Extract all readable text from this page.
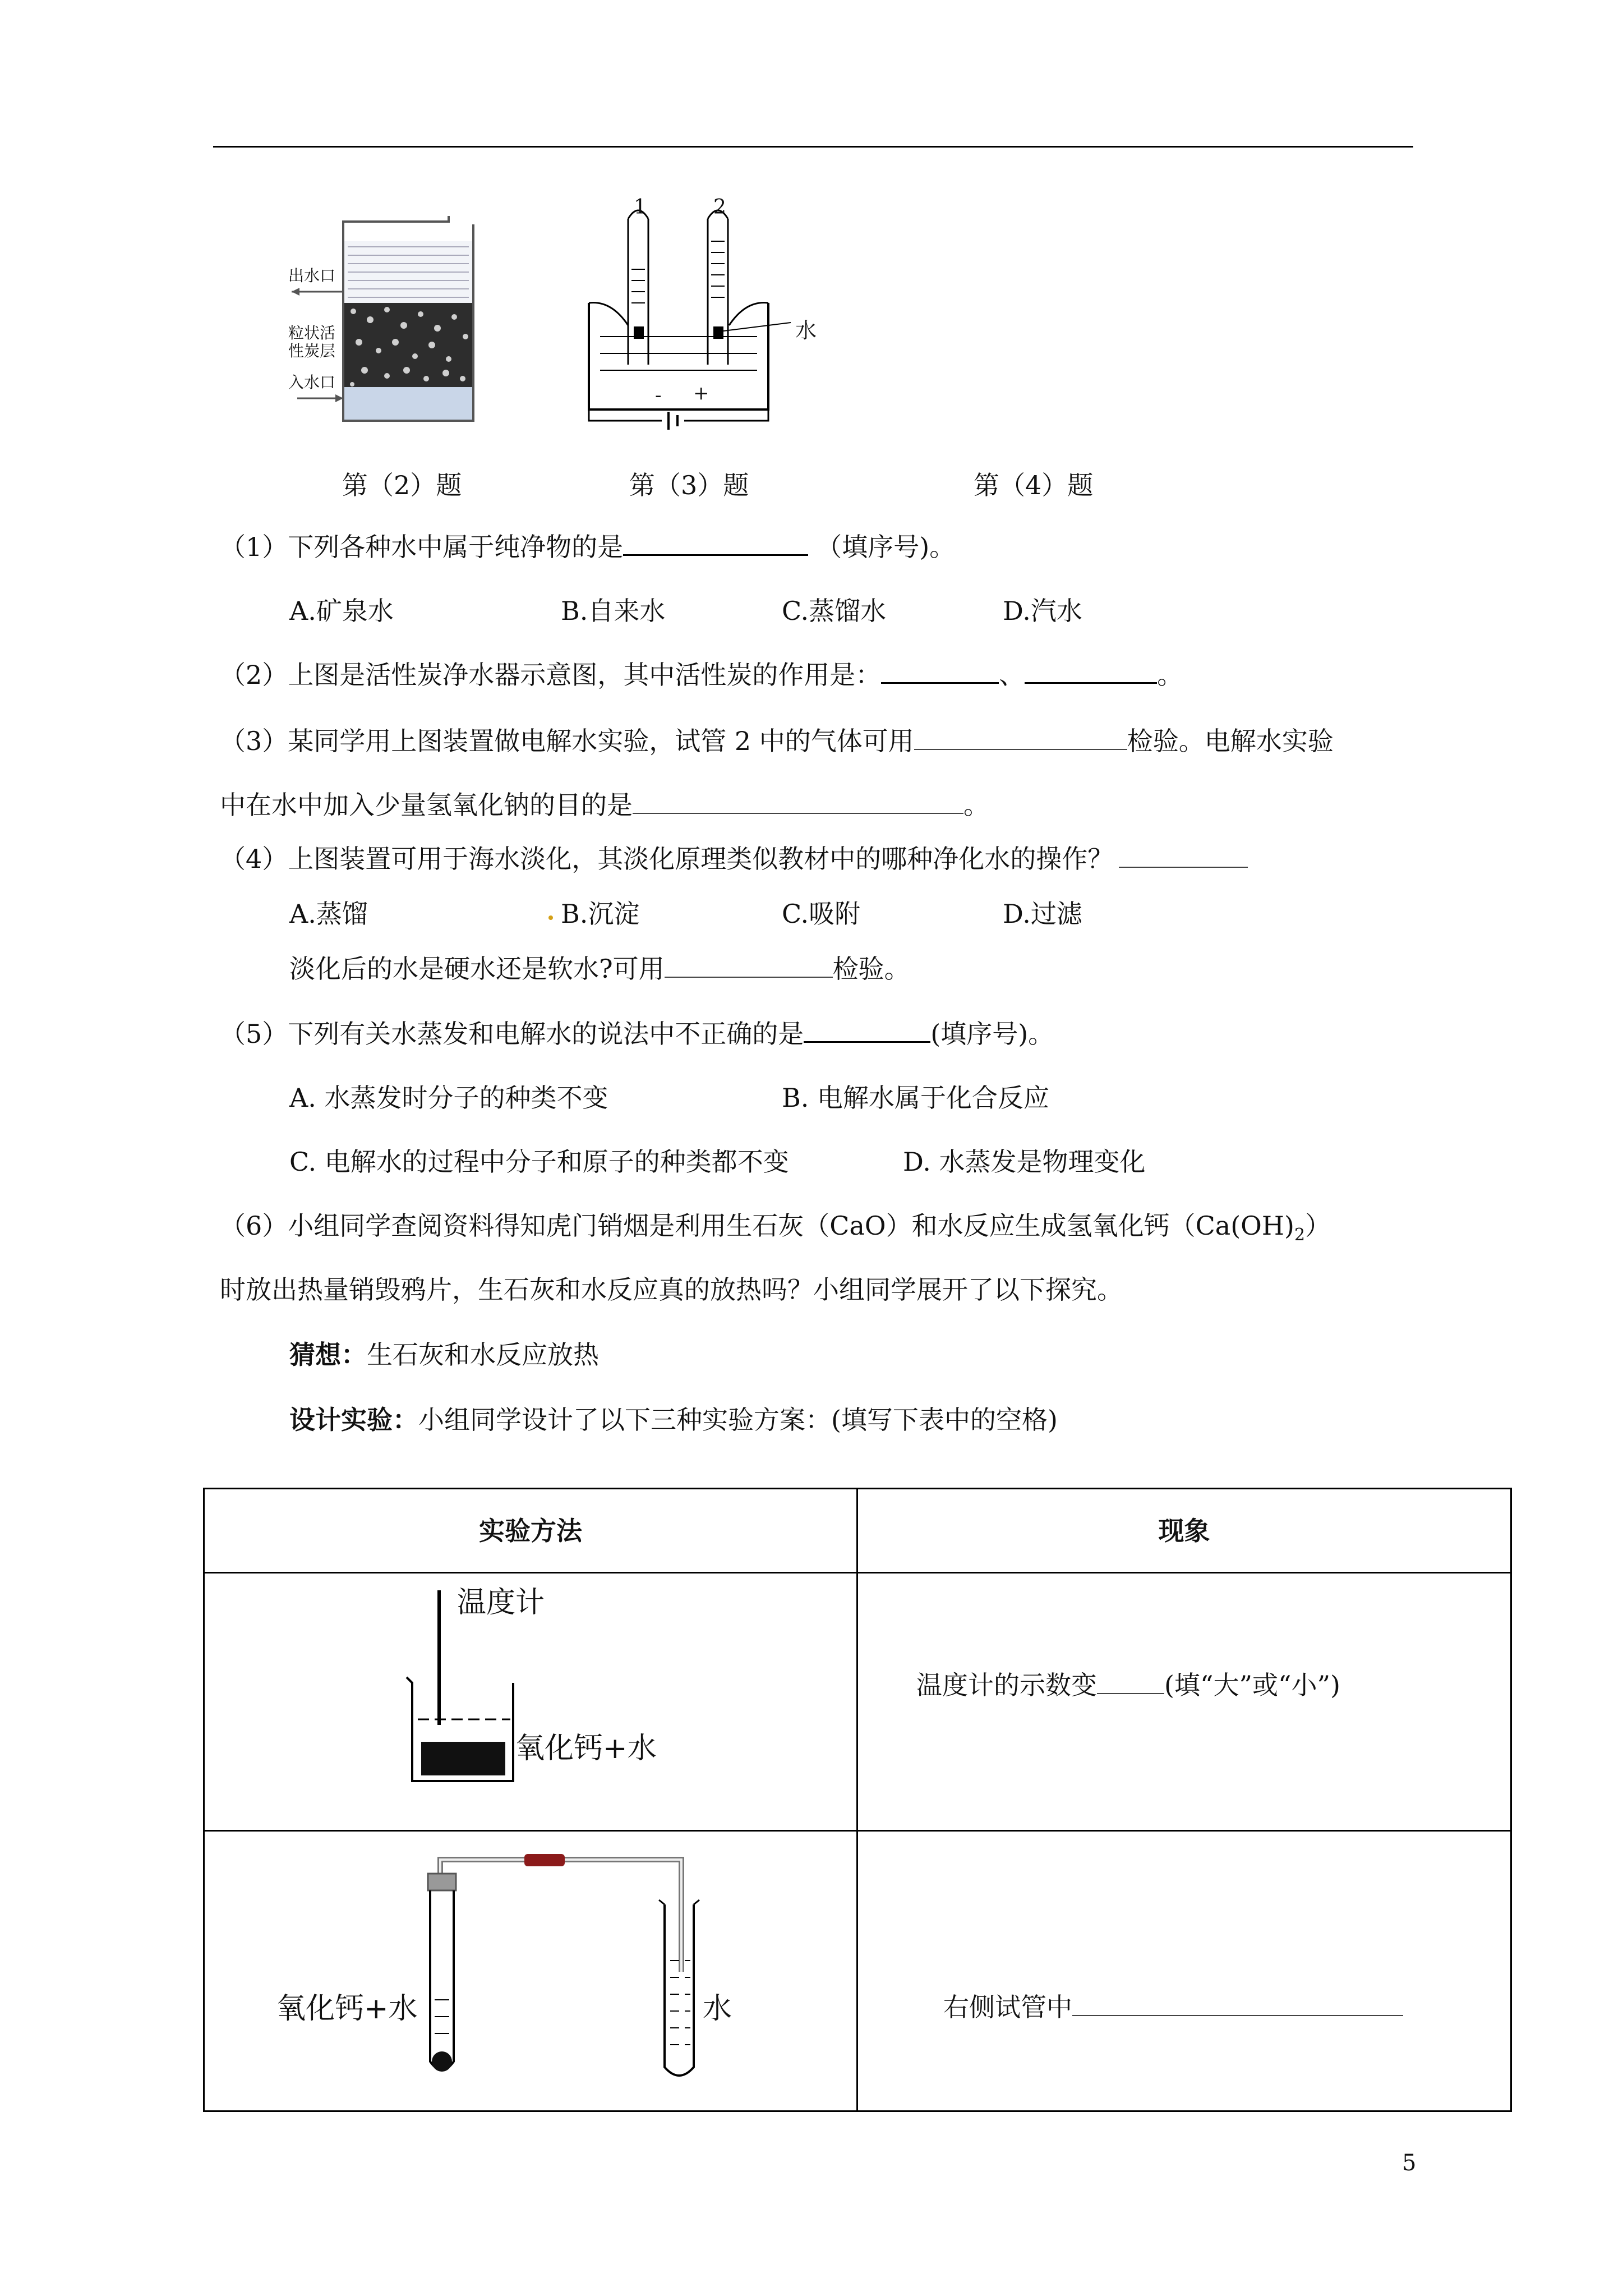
出水口
粒状活
性炭层
入水口
1	2
水
- +
第（2）题	第（3）题	第（4）题
（1）下列各种水中属于纯净物的是	（填序号)。
A.矿泉水	B.自来水	C.蒸馏水	D.汽水
（2）上图是活性炭净水器示意图，其中活性炭的作用是：	、	。
（3）某同学用上图装置做电解水实验，试管 2 中的气体可用	检验。电解水实验
中在水中加入少量氢氧化钠的目的是	。
（4）上图装置可用于海水淡化，其淡化原理类似教材中的哪种净化水的操作？
A.蒸馏	B.沉淀	C.吸附	D.过滤
淡化后的水是硬水还是软水?可用	检验。
（5）下列有关水蒸发和电解水的说法中不正确的是	(填序号)。
A. 水蒸发时分子的种类不变	B. 电解水属于化合反应
C. 电解水的过程中分子和原子的种类都不变	D. 水蒸发是物理变化
（6）小组同学查阅资料得知虎门销烟是利用生石灰（CaO）和水反应生成氢氧化钙$(Ca(OH)_2)$
时放出热量销毁鸦片，生石灰和水反应真的放热吗？小组同学展开了以下探究。
猜想：生石灰和水反应放热
设计实验：小组同学设计了以下三种实验方案：(填写下表中的空格)
实验方法	现象

温度计
氧化钙+水	温度计的示数变 (填“大”或“小”)

氧化钙+水 水	右侧试管中
5
